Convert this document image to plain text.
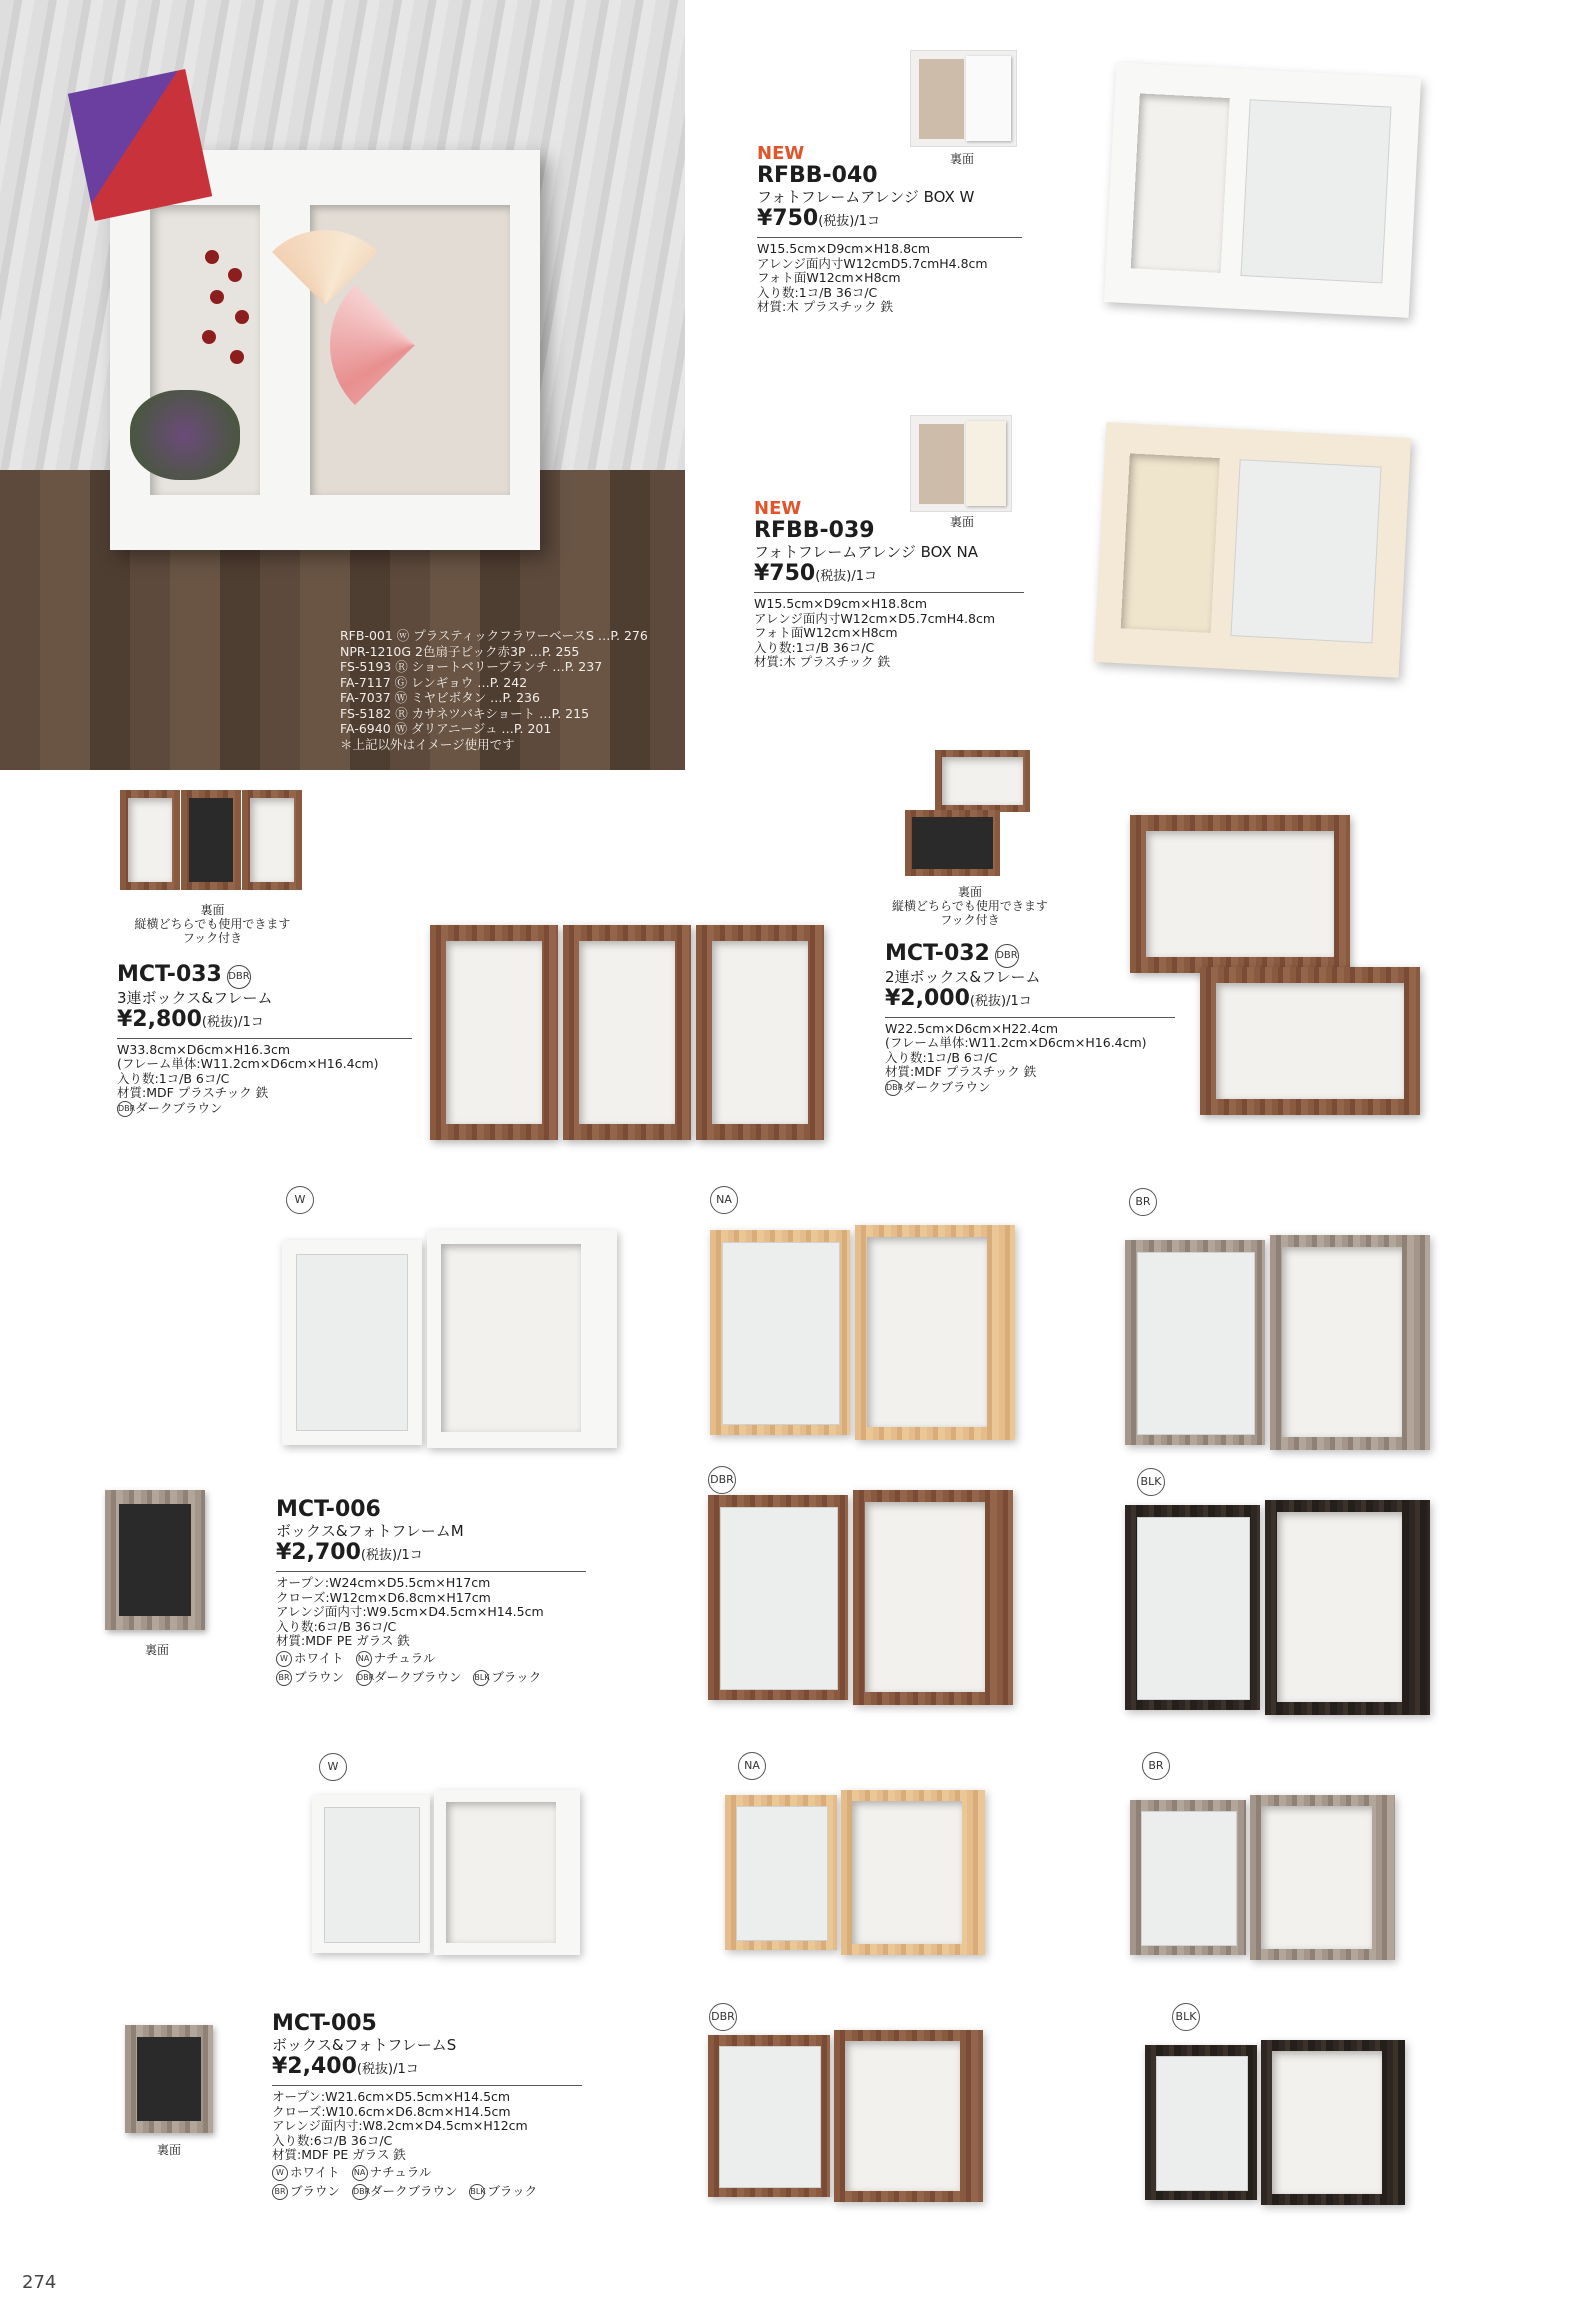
RFB-001 ⓦ プラスティックフラワーベースS …P. 276
NPR-1210G 2色扇子ピック赤3P …P. 255
FS-5193 Ⓡ ショートベリーブランチ …P. 237
FA-7117 Ⓖ レンギョウ …P. 242
FA-7037 Ⓦ ミヤビボタン …P. 236
FS-5182 Ⓡ カサネツバキショート …P. 215
FA-6940 Ⓦ ダリアニージュ …P. 201
＊上記以外はイメージ使用です
裏面
NEW
RFBB-040
フォトフレームアレンジ BOX W
¥750(税抜)/1コ
W15.5cm×D9cm×H18.8cm
アレンジ面内寸W12cmD5.7cmH4.8cm
フォト面W12cm×H8cm
入り数:1コ/B 36コ/C
材質:木 プラスチック 鉄
裏面
NEW
RFBB-039
フォトフレームアレンジ BOX NA
¥750(税抜)/1コ
W15.5cm×D9cm×H18.8cm
アレンジ面内寸W12cm×D5.7cmH4.8cm
フォト面W12cm×H8cm
入り数:1コ/B 36コ/C
材質:木 プラスチック 鉄
裏面
縦横どちらでも使用できます
フック付き
MCT-033 DBR
3連ボックス&フレーム
¥2,800(税抜)/1コ
W33.8cm×D6cm×H16.3cm
(フレーム単体:W11.2cm×D6cm×H16.4cm)
入り数:1コ/B 6コ/C
材質:MDF プラスチック 鉄
DBRダークブラウン
裏面
縦横どちらでも使用できます
フック付き
MCT-032 DBR
2連ボックス&フレーム
¥2,000(税抜)/1コ
W22.5cm×D6cm×H22.4cm
(フレーム単体:W11.2cm×D6cm×H16.4cm)
入り数:1コ/B 6コ/C
材質:MDF プラスチック 鉄
DBRダークブラウン
W	NA	BR
DBR	BLK
裏面
MCT-006
ボックス&フォトフレームM
¥2,700(税抜)/1コ
オープン:W24cm×D5.5cm×H17cm
クローズ:W12cm×D6.8cm×H17cm
アレンジ面内寸:W9.5cm×D4.5cm×H14.5cm
入り数:6コ/B 36コ/C
材質:MDF PE ガラス 鉄
W ホワイト NA ナチュラル
BR ブラウン DBRダークブラウン BLK ブラック
W	NA	BR
DBR	BLK
裏面
MCT-005
ボックス&フォトフレームS
¥2,400(税抜)/1コ
オープン:W21.6cm×D5.5cm×H14.5cm
クローズ:W10.6cm×D6.8cm×H14.5cm
アレンジ面内寸:W8.2cm×D4.5cm×H12cm
入り数:6コ/B 36コ/C
材質:MDF PE ガラス 鉄
W ホワイト NA ナチュラル
BR ブラウン DBRダークブラウン BLK ブラック
274
